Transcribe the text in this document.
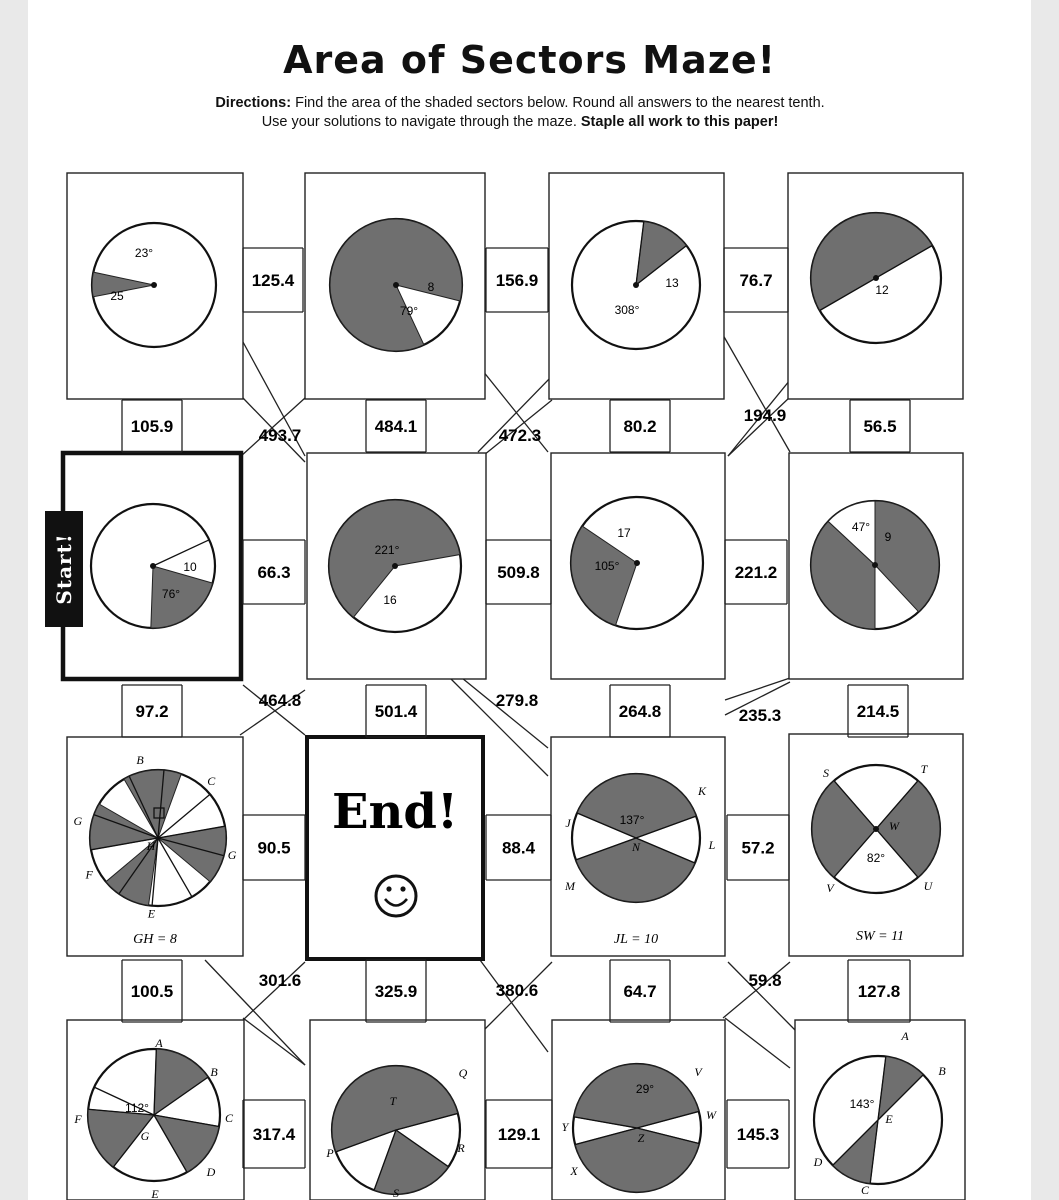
Area of Sectors Maze!
Directions: Find the area of the shaded sectors below. Round all answers to the nearest tenth.
Use your solutions to navigate through the maze. Staple all work to this paper!
End!
23°
25
79°
8	13
308°
12
10
76°
221°
16
17
105°
47°
9
B
C
G
H
G
F
E
GH = 8
J
K
L
M
N
137°
JL = 10
S	T
W
V	U
82°
SW = 11
A
B
C
D
E
F
G
112°
Q
T
P	R
S
V
W
Y
Z
X
29°
A
B
C
D
E
143°
125.4	156.9	76.7
105.9	493.7	484.1	472.3	80.2
194.9
56.5
66.3	509.8	221.2
97.2
464.8
501.4
279.8
264.8	235.3	214.5
90.5	88.4	57.2
100.5
301.6
325.9	380.6	64.7
59.8
127.8
317.4	129.1	145.3
Start!
